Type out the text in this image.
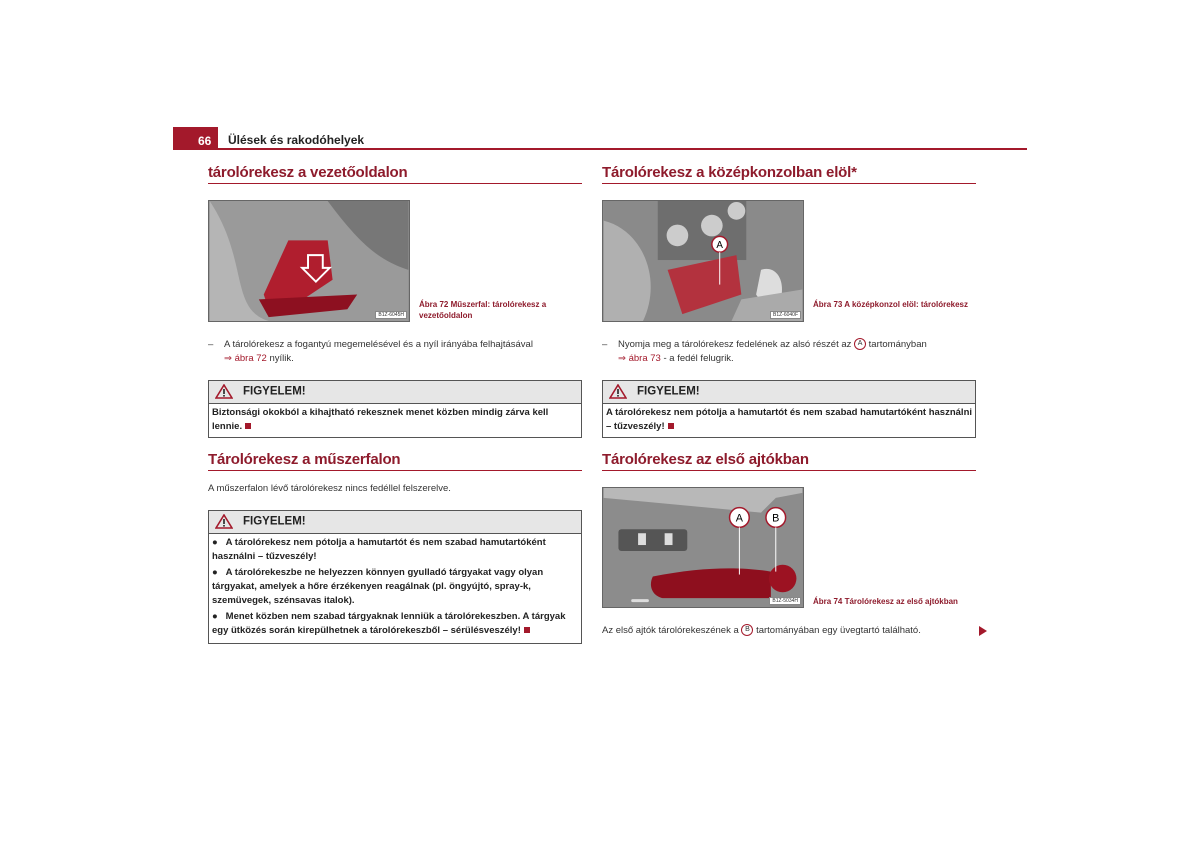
66	Ülések és rakodóhelyek
tárolórekesz a vezetőoldalon
B1Z-6045H
Ábra 72 Műszerfal: tárolórekesz a vezetőoldalon
– A tárolórekesz a fogantyú megemelésével és a nyíl irányába felhajtásával
⇒ ábra 72 nyílik.
FIGYELEM!
Biztonsági okokból a kihajtható rekesznek menet közben mindig zárva kell lennie.
Tárolórekesz a műszerfalon
A műszerfalon lévő tárolórekesz nincs fedéllel felszerelve.
FIGYELEM!

●   A tárolórekesz nem pótolja a hamutartót és nem szabad hamutartóként használni – tűzveszély!

●   A tárolórekeszbe ne helyezzen könnyen gyulladó tárgyakat vagy olyan tárgyakat, amelyek a hőre érzékenyen reagálnak (pl. öngyújtó, spray-k, szemüvegek, szénsavas italok).

●   Menet közben nem szabad tárgyaknak lenniük a tárolórekeszben. A tárgyak egy ütközés során kirepülhetnek a tárolórekeszből – sérülésveszély!

Tárolórekesz a középkonzolban elöl*
A
B1Z-6040F
Ábra 73 A középkonzol elöl: tárolórekesz
– Nyomja meg a tárolórekesz fedelének az alsó részét az A tartományban
⇒ ábra 73 - a fedél felugrik.
FIGYELEM!
A tárolórekesz nem pótolja a hamutartót és nem szabad hamutartóként használni – tűzveszély!
Tárolórekesz az első ajtókban
A	B
B1Z-5034H	Ábra 74 Tárolórekesz az első ajtókban
Az első ajtók tárolórekeszének a B tartományában egy üvegtartó található.
